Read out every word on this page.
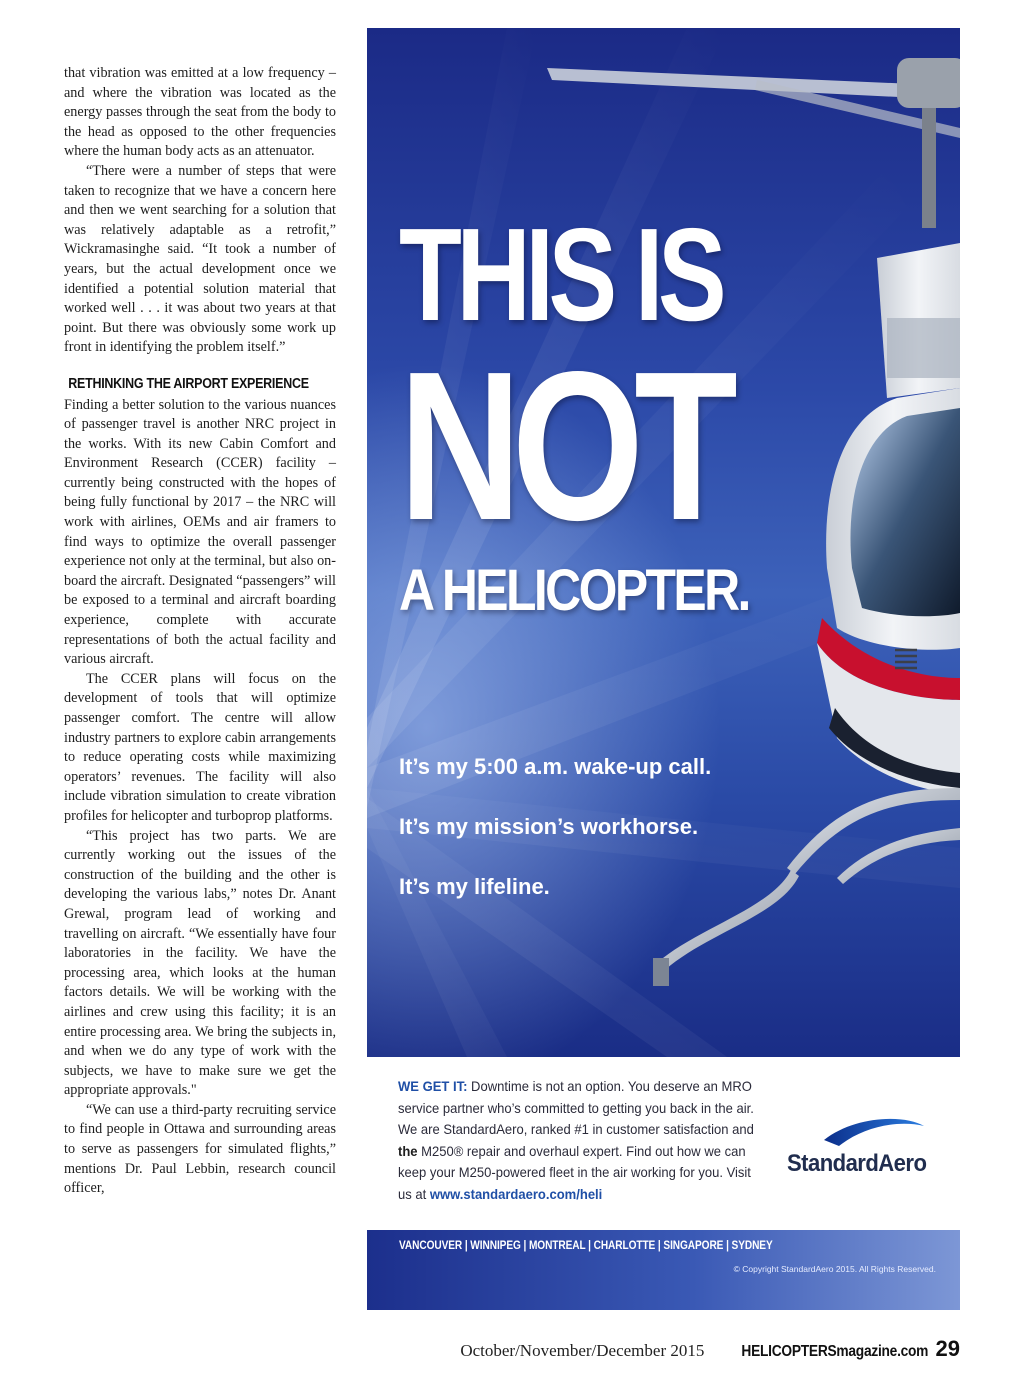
that vibration was emitted at a low frequency – and where the vibration was located as the energy passes through the seat from the body to the head as opposed to the other frequencies where the human body acts as an attenuator.

“There were a number of steps that were taken to recognize that we have a concern here and then we went searching for a solution that was relatively adaptable as a retrofit,” Wickramasinghe said. “It took a number of years, but the actual development once we identified a potential solution material that worked well . . . it was about two years at that point. But there was obviously some work up front in identifying the problem itself.”

RETHINKING THE AIRPORT EXPERIENCE

Finding a better solution to the various nuances of passenger travel is another NRC project in the works. With its new Cabin Comfort and Environment Research (CCER) facility – currently being constructed with the hopes of being fully functional by 2017 – the NRC will work with airlines, OEMs and air framers to find ways to optimize the overall passenger experience not only at the terminal, but also on-board the aircraft. Designated “passengers” will be exposed to a terminal and aircraft boarding experience, complete with accurate representations of both the actual facility and various aircraft.

The CCER plans will focus on the development of tools that will optimize passenger comfort. The centre will allow industry partners to explore cabin arrangements to reduce operating costs while maximizing operators’ revenues. The facility will also include vibration simulation to create vibration profiles for helicopter and turboprop platforms.

“This project has two parts. We are currently working out the issues of the construction of the building and the other is developing the various labs,” notes Dr. Anant Grewal, program lead of working and travelling on aircraft. “We essentially have four laboratories in the facility. We have the processing area, which looks at the human factors details. We will be working with the airlines and crew using this facility; it is an entire processing area. We bring the subjects in, and when we do any type of work with the subjects, we have to make sure we get the appropriate approvals."

“We can use a third-party recruiting service to find people in Ottawa and surrounding areas to serve as passengers for simulated flights,” mentions Dr. Paul Lebbin, research council officer,

THIS IS
NOT
A HELICOPTER.
It’s my 5:00 a.m. wake-up call.
It’s my mission’s workhorse.
It’s my lifeline.
WE GET IT: Downtime is not an option. You deserve an MRO service partner who’s committed to getting you back in the air. We are StandardAero, ranked #1 in customer satisfaction and the M250® repair and overhaul expert. Find out how we can keep your M250-powered fleet in the air working for you. Visit us at www.standardaero.com/heli
StandardAero
VANCOUVER | WINNIPEG | MONTREAL | CHARLOTTE | SINGAPORE | SYDNEY
© Copyright StandardAero 2015. All Rights Reserved.
October/November/December 2015 HELICOPTERSmagazine.com 29
